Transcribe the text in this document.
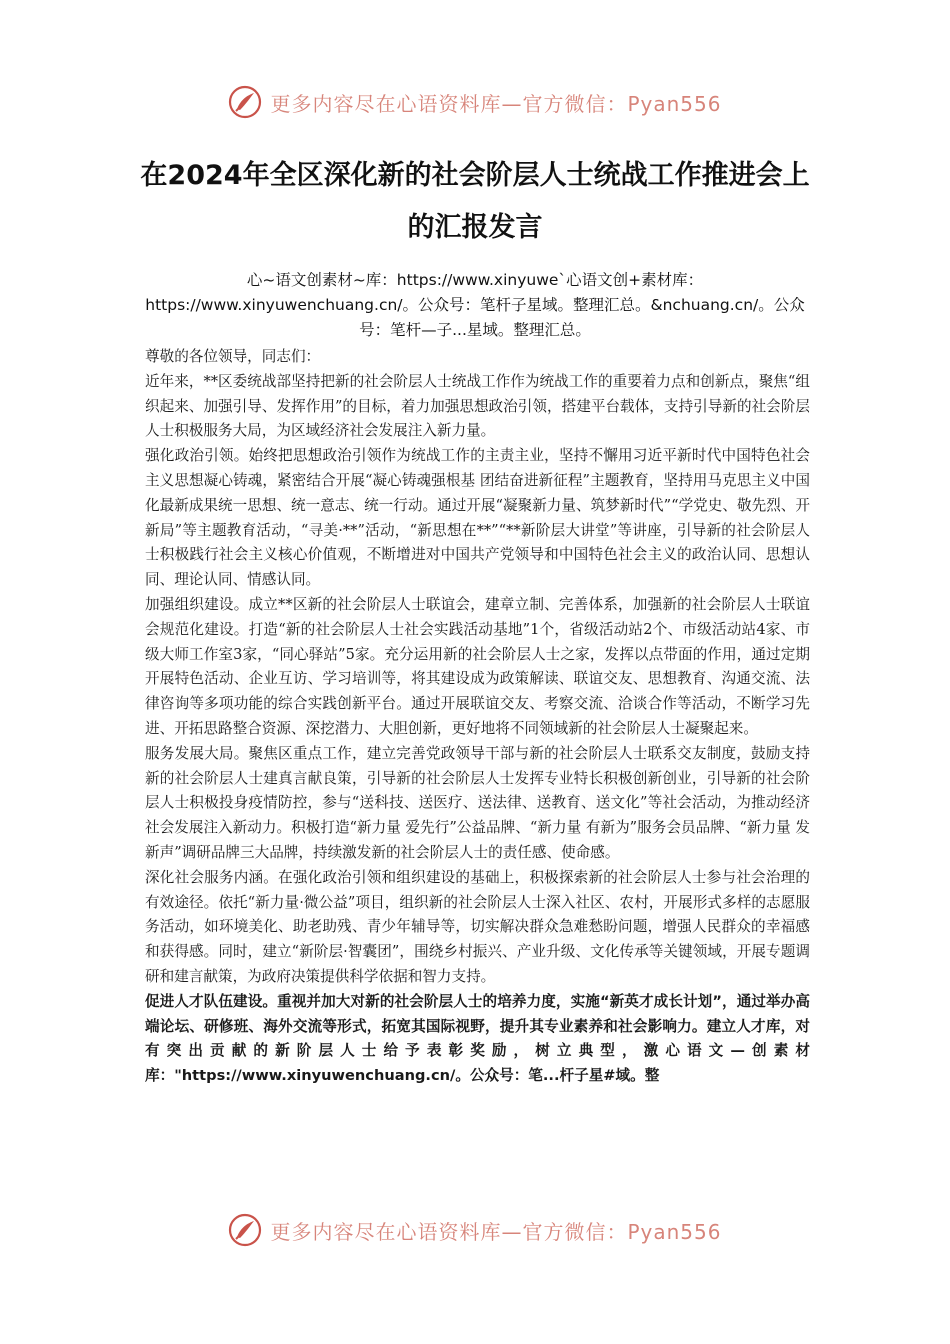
更多内容尽在心语资料库—官方微信：Pyan556
在2024年全区深化新的社会阶层人士统战工作推进会上的汇报发言
心~语文创素材~库：https://www.xinyuwe`心语文创+素材库：https://www.xinyuwenchuang.cn/。公众号：笔杆子星域。整理汇总。&nchuang.cn/。公众号：笔杆—子...星域。整理汇总。

尊敬的各位领导，同志们：

近年来，**区委统战部坚持把新的社会阶层人士统战工作作为统战工作的重要着力点和创新点，聚焦“组织起来、加强引导、发挥作用”的目标，着力加强思想政治引领，搭建平台载体，支持引导新的社会阶层人士积极服务大局，为区域经济社会发展注入新力量。

强化政治引领。始终把思想政治引领作为统战工作的主责主业，坚持不懈用习近平新时代中国特色社会主义思想凝心铸魂，紧密结合开展“凝心铸魂强根基 团结奋进新征程”主题教育，坚持用马克思主义中国化最新成果统一思想、统一意志、统一行动。通过开展“凝聚新力量、筑梦新时代”“学党史、敬先烈、开新局”等主题教育活动，“寻美·**”活动，“新思想在**”“**新阶层大讲堂”等讲座，引导新的社会阶层人士积极践行社会主义核心价值观，不断增进对中国共产党领导和中国特色社会主义的政治认同、思想认同、理论认同、情感认同。

加强组织建设。成立**区新的社会阶层人士联谊会，建章立制、完善体系，加强新的社会阶层人士联谊会规范化建设。打造“新的社会阶层人士社会实践活动基地”1个，省级活动站2个、市级活动站4家、市级大师工作室3家，“同心驿站”5家。充分运用新的社会阶层人士之家，发挥以点带面的作用，通过定期开展特色活动、企业互访、学习培训等，将其建设成为政策解读、联谊交友、思想教育、沟通交流、法律咨询等多项功能的综合实践创新平台。通过开展联谊交友、考察交流、洽谈合作等活动，不断学习先进、开拓思路整合资源、深挖潜力、大胆创新，更好地将不同领域新的社会阶层人士凝聚起来。

服务发展大局。聚焦区重点工作，建立完善党政领导干部与新的社会阶层人士联系交友制度，鼓励支持新的社会阶层人士建真言献良策，引导新的社会阶层人士发挥专业特长积极创新创业，引导新的社会阶层人士积极投身疫情防控，参与“送科技、送医疗、送法律、送教育、送文化”等社会活动，为推动经济社会发展注入新动力。积极打造“新力量 爱先行”公益品牌、“新力量 有新为”服务会员品牌、“新力量 发新声”调研品牌三大品牌，持续激发新的社会阶层人士的责任感、使命感。

深化社会服务内涵。在强化政治引领和组织建设的基础上，积极探索新的社会阶层人士参与社会治理的有效途径。依托“新力量·微公益”项目，组织新的社会阶层人士深入社区、农村，开展形式多样的志愿服务活动，如环境美化、助老助残、青少年辅导等，切实解决群众急难愁盼问题，增强人民群众的幸福感和获得感。同时，建立“新阶层·智囊团”，围绕乡村振兴、产业升级、文化传承等关键领域，开展专题调研和建言献策，为政府决策提供科学依据和智力支持。

促进人才队伍建设。重视并加大对新的社会阶层人士的培养力度，实施“新英才成长计划”，通过举办高端论坛、研修班、海外交流等形式，拓宽其国际视野，提升其专业素养和社会影响力。建立人才库，对有突出贡献的新阶层人士给予表彰奖励，树立典型，激心语文—创素材库："https://www.xinyuwenchuang.cn/。公众号：笔...杆子星#域。整

更多内容尽在心语资料库—官方微信：Pyan556
